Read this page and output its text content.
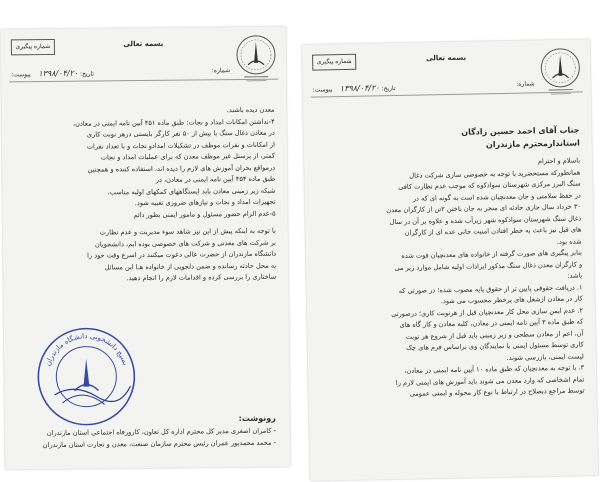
شماره پیگیری	بسمه تعالی
شماره:
تاریخ: ۱۳۹۸/۰۴/۲۰    پیوست:

معدن دیده باشند.

۴-نداشتن امکانات امداد و نجات: طبق ماده ۴۵۱ آیین نامه ایمنی در معادن،

در معادن ذغال سنگ با بیش از ۵۰ نفر کارگر بایستی درهر نوبت کاری

از امکانات و نفرات موظف در تشکیلات امدادو نجات و با تعداد نفرات

کمتر، از پرسنل غیر موظف معدن که برای عملیات امداد و نجات

درمواقع بحران آموزش های لازم را دیده اند، استفاده کننده و همچنین

طبق ماده ۴۵۴ آیین نامه ایمنی در معادن، در

شبکه زیر زمینی معادن باید ایستگاههای کمکهای اولیه مناسب،

تجهیزات امداد و نجات و نیازهای ضروری تعبیه شود.

۵-عدم الزام حضور مسئول و مامور ایمنی بطور دائم

با توجه به اینکه پیش از این نیز شاهد سوء مدیریت و عدم نظارت

بر شرکت های معدنی و شرکت های خصوصی بوده ایم، دانشجویان

دانشگاه مازندران از حضرت عالی دعوت میکنند در اسرع وقت خود را

به محل حادثه رسانده و ضمن دلجویی از خانواده هـا این مسائل

ساختاری را بررسی کرده و اقدامات لازم را انجام دهید.

بسیج دانشجویی دانشگاه مازندران
رونوشت:
- کامران اصغری مدیر کل محترم اداره کل تعاون، کارورفاه اجتماعی استان مازندران
- محمد محمدپور عمران رئیس محترم سازمان صنعت، معدن و تجارت استان مازندران
شماره پیگیری	بسمه تعالی
شماره:
تاریخ: ۱۳۹۸/۰۴/۲۰    پیوست:

جناب آقای احمد حسین زادگان

استاندارمحترم مازندران

باسلام و احترام

همانطورکه مستحضرید با توجه به خصوصی سازی شرکت ذغال

سنگ البرز مرکزی شهرستان سوادکوه که موجب عدم نظارت کافی

در حفظ سلامتی و جان معدنچیان شده است به گونه ای که در

۳۰ خرداد سال جاری حادثه ای منجر به جان باختن ۲تن از کارگران معدن

ذغال سنگ شهرستان سوادکوه شهر زیرآب شده و علاوه بر آن در سال

های قبل نیز باعث به خطر افتادن امنیت جانی عده ای از کارگران

شده بود.

بنابر پیگیری های صورت گرفته از خانواده های معدنچیان فوت شده

و کارگران معدن ذغال سنگ مذکور ایرادات اولیه شامل موارد زیر می

باشد:

۱. دریافت حقوقی پایین تر از حقوق پایه مصوب شده؛ در صورتی که

کار در معادن ازشغل های پرخطر محسوب می شود.

۲. عدم ایمن سازی محل کار معدنچیان قبل از هرنوبت کاری؛ درصورتی

که طبق ماده ۳ آیین نامه ایمنی در معادن، کلیه معادن و کار گاه های

آن، اعم از معادن سطحی و زیر زمینی باید قبل از شروع هر نوبت

کاری توسط مسئول ایمنی یا نمایندگان وی براساس فرم های چک

لیست ایمنی، بازرسی شوند.

۳. با توجه به معدنچیان که طبق ماده ۱۰ آیین نامه ایمنی در معادن،

تمام اشخاصی که وارد معدن می شوند باید آموزش های ایمنی لازم را

توسط مراجع ذیصلاح در ارتباط با نوع کار محوله و ایمنی عمومی
